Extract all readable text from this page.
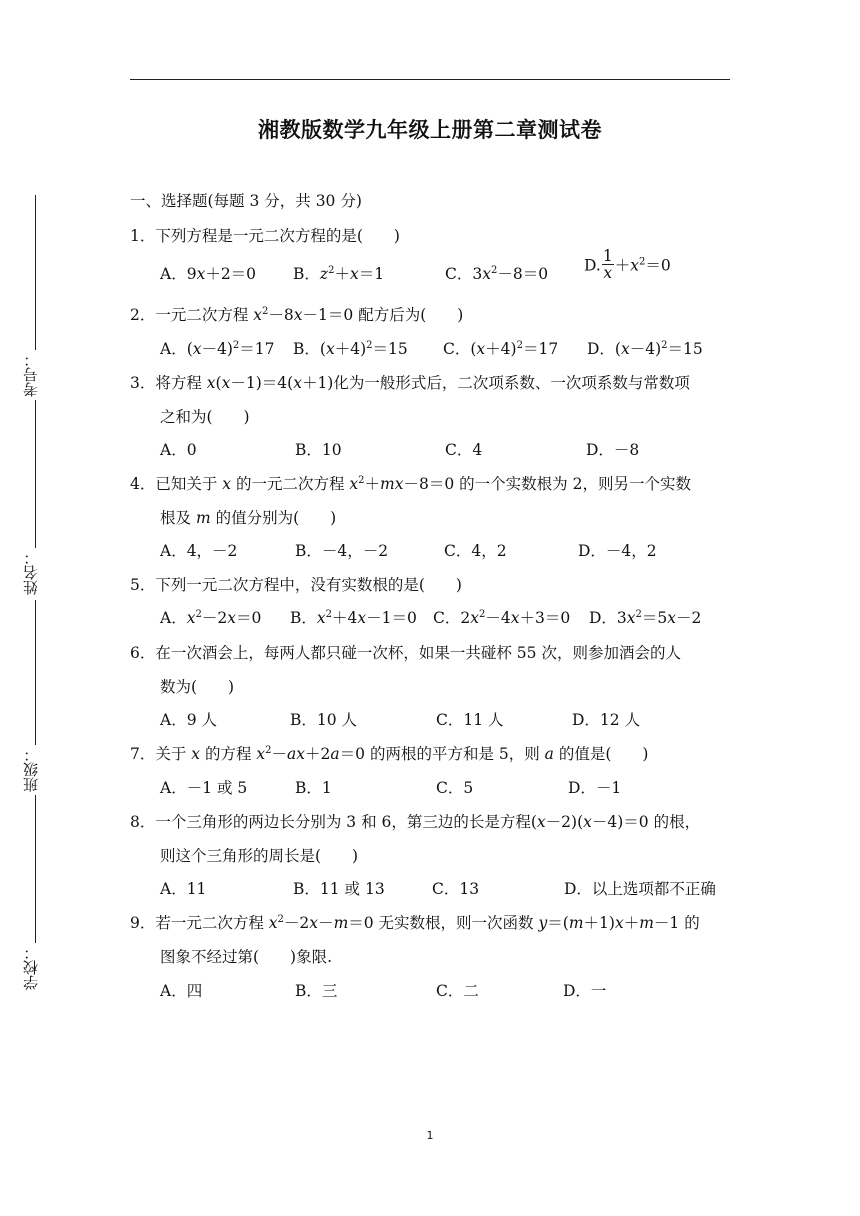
湘教版数学九年级上册第二章测试卷
考号：
姓名：
班级：
学校：
一、选择题(每题 3 分，共 30 分)
1．下列方程是一元二次方程的是(　　)
A．9x＋2＝0 B．$z^2+x=1$	C．$3x^2-8=0$ D. $\frac{1}{x} +x^2=0$
2．一元二次方程 $x^2-8x-1=0$ 配方后为(　　)
A．$(x-4)^2=17$ B．$(x+4)^2=15$ C．$(x+4)^2=17$ D．$(x-4)^2=15$
3．将方程 x(x－1)＝4(x＋1)化为一般形式后，二次项系数、一次项系数与常数项
之和为(　　)
A．0	B．10	C．4	D．－8
4．已知关于 x 的一元二次方程 $x^2+mx-8=0$ 的一个实数根为 2，则另一个实数
根及 m 的值分别为(　　)
A．4，－2	B．－4，－2	C．4，2	D．－4，2
5．下列一元二次方程中，没有实数根的是(　　)
A．$x^2-2x=0$ B．$x^2+4x-1=0$ C．$2x^2-4x+3=0$ D．$3x^2=5x-2$
6．在一次酒会上，每两人都只碰一次杯，如果一共碰杯 55 次，则参加酒会的人
数为(　　)
A．9 人	B．10 人	C．11 人	D．12 人
7．关于 x 的方程 $x^2-ax+2a=0$ 的两根的平方和是 5，则 a 的值是(　　)
A．－1 或 5	B．1	C．5	D．－1
8．一个三角形的两边长分别为 3 和 6，第三边的长是方程(x－2)(x－4)＝0 的根，
则这个三角形的周长是(　　)
A．11	B．11 或 13	C．13	D．以上选项都不正确
9．若一元二次方程 $x^2-2x-m=0$ 无实数根，则一次函数 y＝(m＋1)x＋m－1 的
图象不经过第(　　)象限.
A．四	B．三	C．二	D．一
1
